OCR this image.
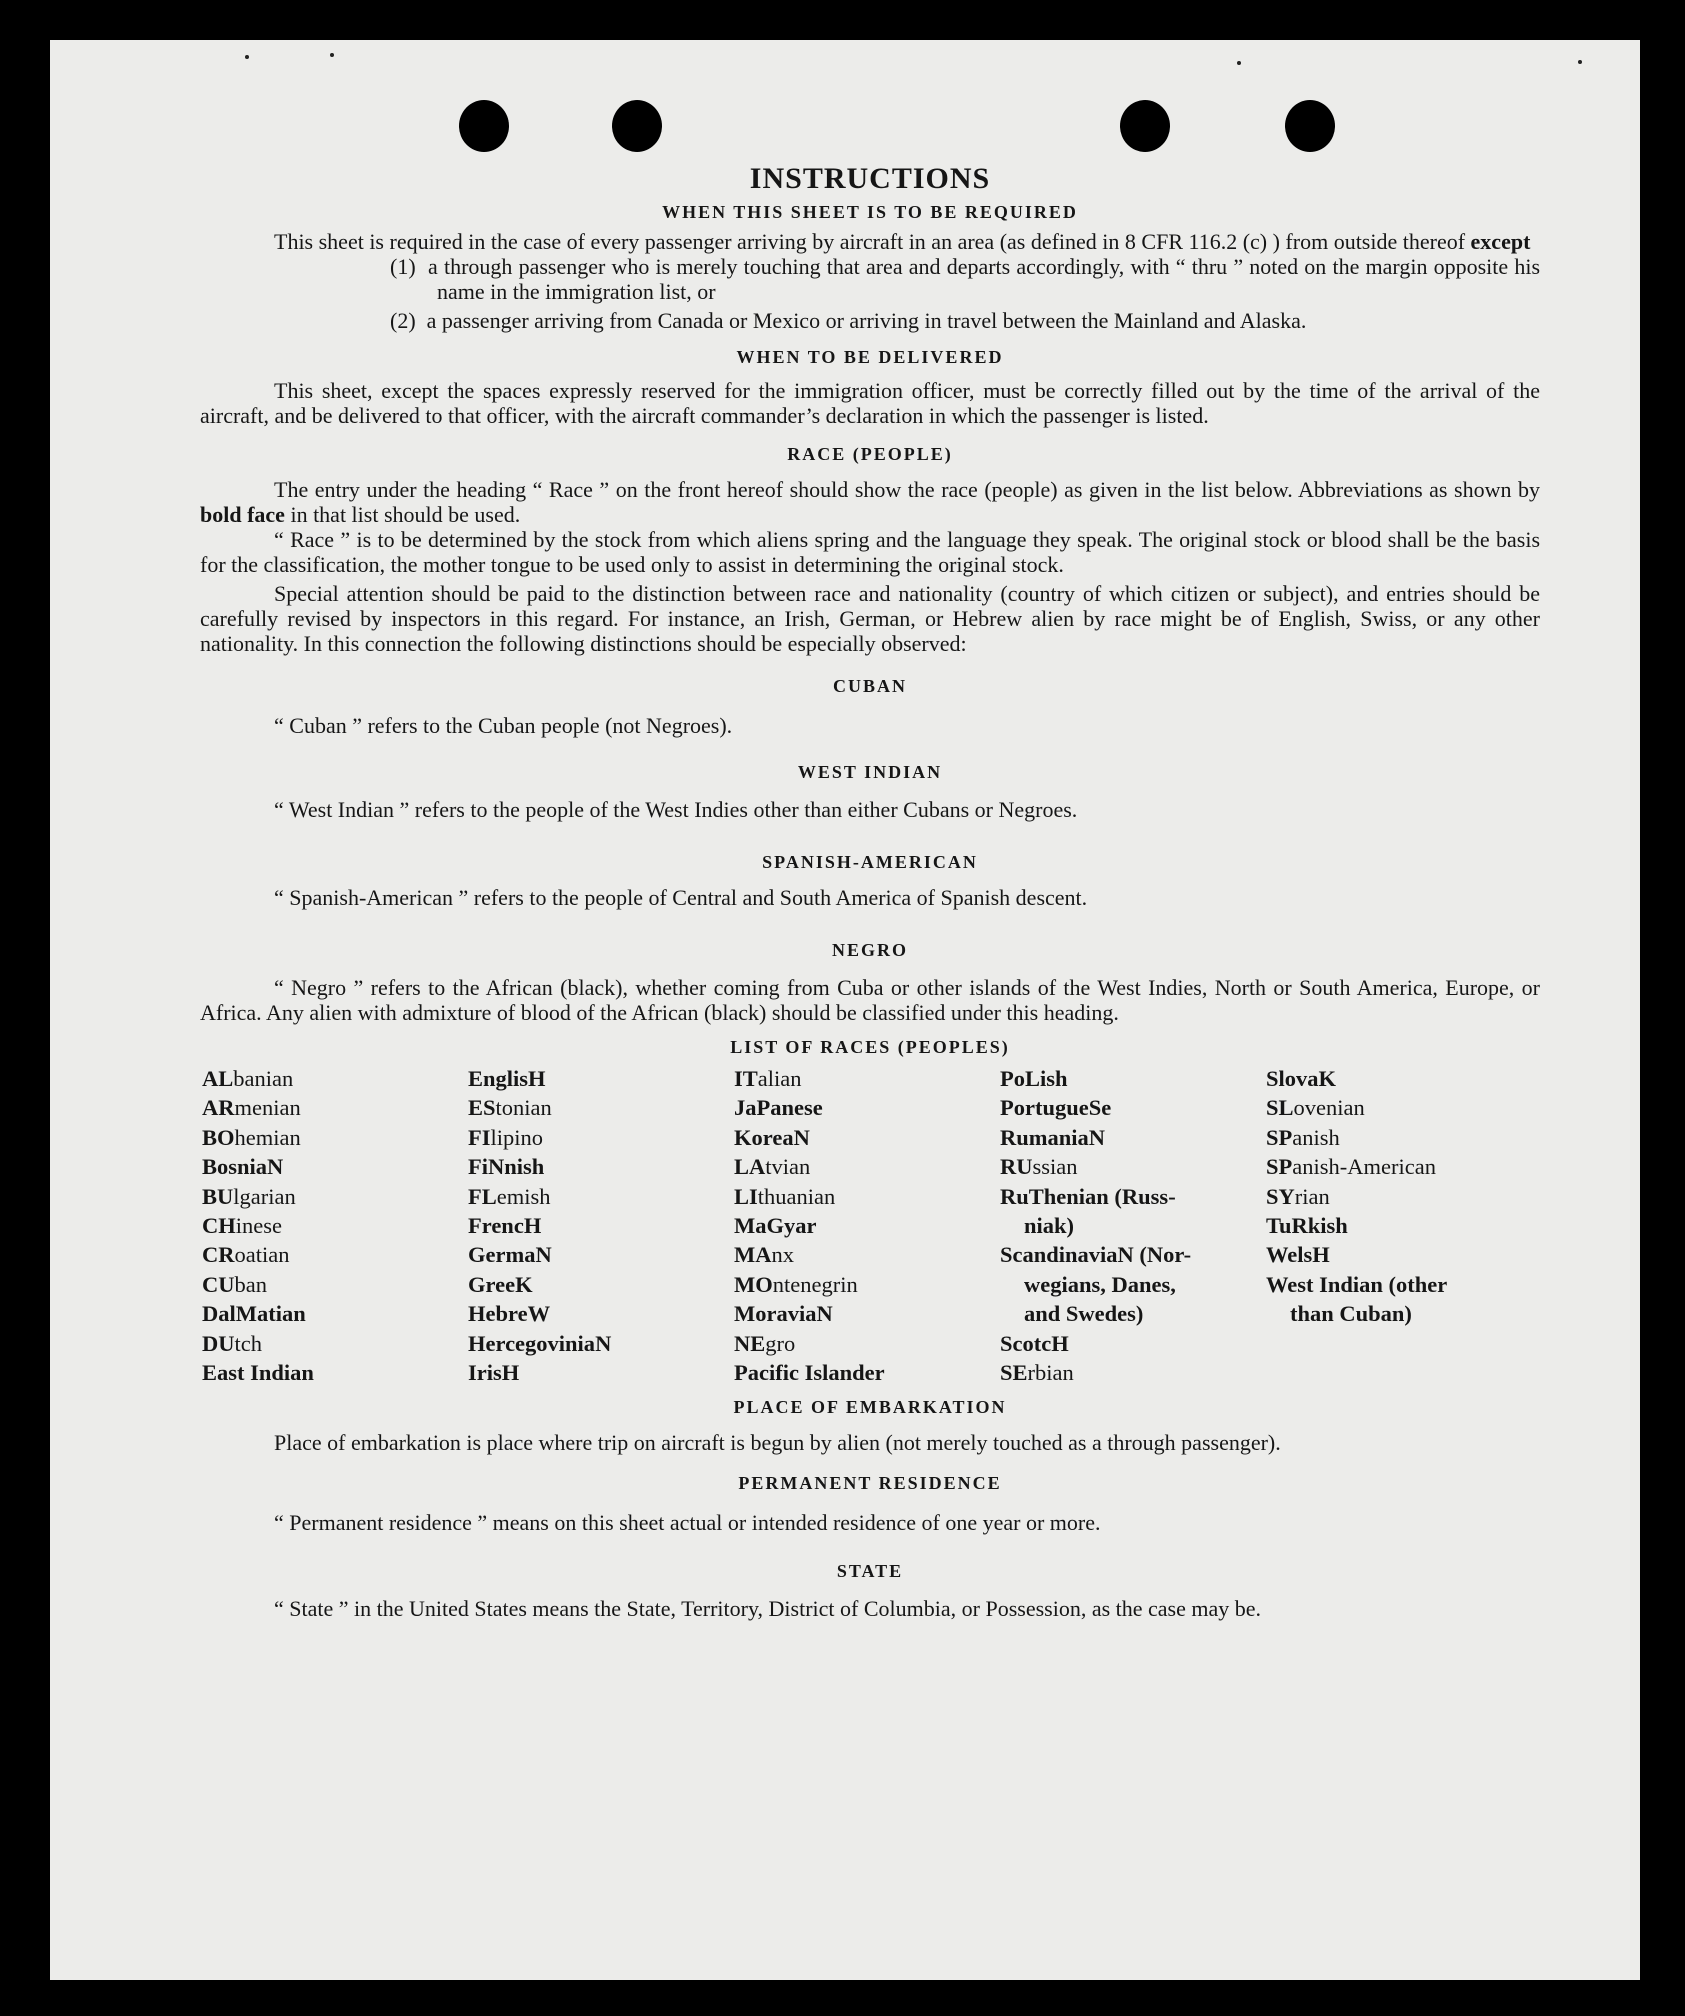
INSTRUCTIONS
WHEN THIS SHEET IS TO BE REQUIRED

This sheet is required in the case of every passenger arriving by aircraft in an area (as defined in 8 CFR 116.2 (c) ) from outside thereof except

(1) a through passenger who is merely touching that area and departs accordingly, with “ thru ” noted on the margin opposite his name in the immigration list, or

(2) a passenger arriving from Canada or Mexico or arriving in travel between the Mainland and Alaska.

WHEN TO BE DELIVERED

This sheet, except the spaces expressly reserved for the immigration officer, must be correctly filled out by the time of the arrival of the aircraft, and be delivered to that officer, with the aircraft commander’s declaration in which the passenger is listed.

RACE (PEOPLE)

The entry under the heading “ Race ” on the front hereof should show the race (people) as given in the list below. Abbreviations as shown by bold face in that list should be used.

“ Race ” is to be determined by the stock from which aliens spring and the language they speak. The original stock or blood shall be the basis for the classification, the mother tongue to be used only to assist in determining the original stock.

Special attention should be paid to the distinction between race and nationality (country of which citizen or subject), and entries should be carefully revised by inspectors in this regard. For instance, an Irish, German, or Hebrew alien by race might be of English, Swiss, or any other nationality. In this connection the following distinctions should be especially observed:

CUBAN

“ Cuban ” refers to the Cuban people (not Negroes).

WEST INDIAN

“ West Indian ” refers to the people of the West Indies other than either Cubans or Negroes.

SPANISH-AMERICAN

“ Spanish-American ” refers to the people of Central and South America of Spanish descent.

NEGRO

“ Negro ” refers to the African (black), whether coming from Cuba or other islands of the West Indies, North or South America, Europe, or Africa. Any alien with admixture of blood of the African (black) should be classified under this heading.

LIST OF RACES (PEOPLES)
ALbanian
ARmenian
BOhemian
BosniaN
BUlgarian
CHinese
CRoatian
CUban
DalMatian
DUtch
East Indian
EnglisH
EStonian
FIlipino
FiNnish
FLemish
FrencH
GermaN
GreeK
HebreW
HercegoviniaN
IrisH
ITalian
JaPanese
KoreaN
LAtvian
LIthuanian
MaGyar
MAnx
MOntenegrin
MoraviaN
NEgro
Pacific Islander
PoLish
PortugueSe
RumaniaN
RUssian
RuThenian (Russ-
niak)
ScandinaviaN (Nor-
wegians, Danes,
and Swedes)
ScotcH
SErbian
SlovaK
SLovenian
SPanish
SPanish-American
SYrian
TuRkish
WelsH
West Indian (other
than Cuban)
PLACE OF EMBARKATION

Place of embarkation is place where trip on aircraft is begun by alien (not merely touched as a through passenger).

PERMANENT RESIDENCE

“ Permanent residence ” means on this sheet actual or intended residence of one year or more.

STATE

“ State ” in the United States means the State, Territory, District of Columbia, or Possession, as the case may be.
